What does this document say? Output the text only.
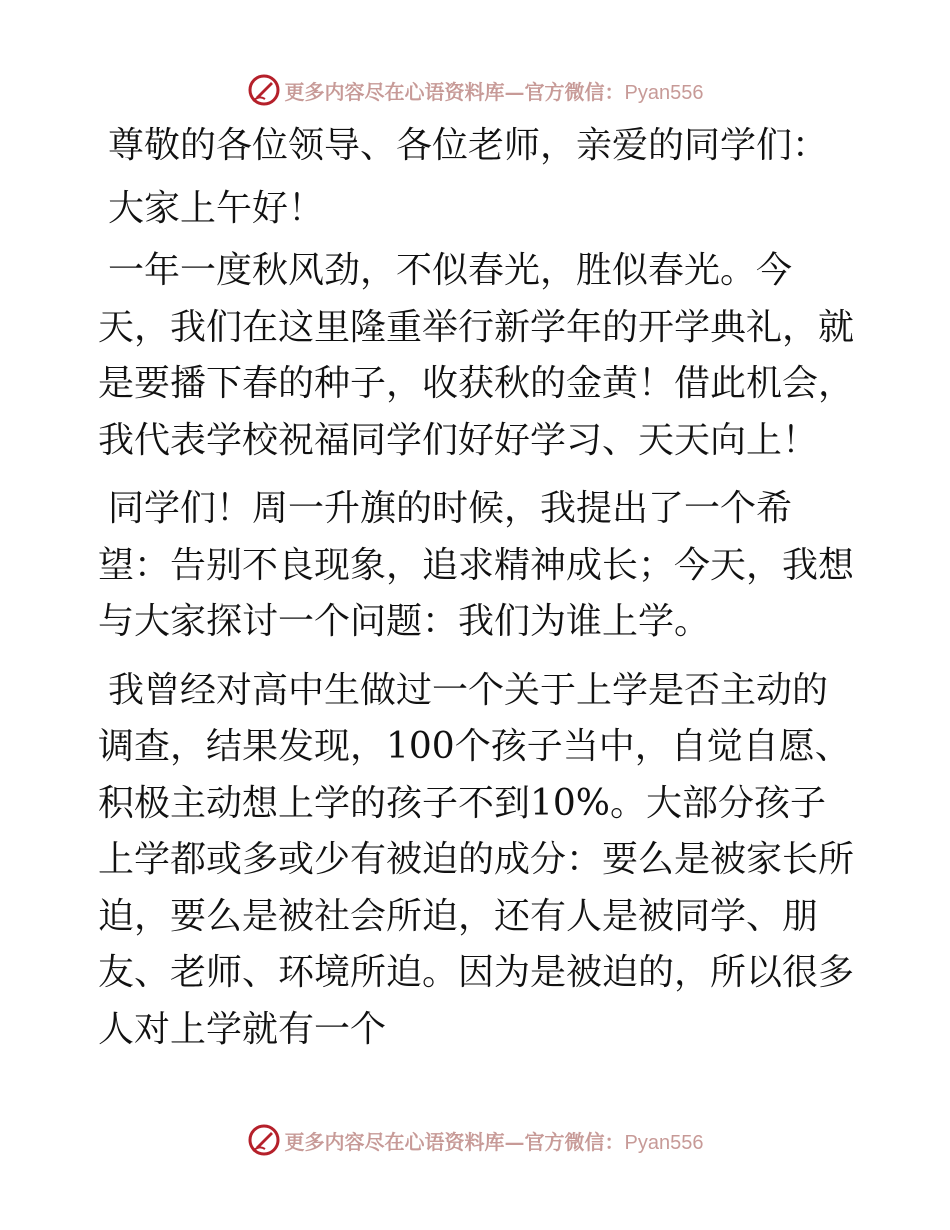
更多内容尽在心语资料库—官方微信：Pyan556

尊敬的各位领导、各位老师，亲爱的同学们：

大家上午好！

一年一度秋风劲，不似春光，胜似春光。今天，我们在这里隆重举行新学年的开学典礼，就是要播下春的种子，收获秋的金黄！借此机会，我代表学校祝福同学们好好学习、天天向上！

同学们！周一升旗的时候，我提出了一个希望：告别不良现象，追求精神成长；今天，我想与大家探讨一个问题：我们为谁上学。

我曾经对高中生做过一个关于上学是否主动的调查，结果发现，100个孩子当中，自觉自愿、积极主动想上学的孩子不到10%。大部分孩子上学都或多或少有被迫的成分：要么是被家长所迫，要么是被社会所迫，还有人是被同学、朋友、老师、环境所迫。因为是被迫的，所以很多人对上学就有一个

更多内容尽在心语资料库—官方微信：Pyan556
